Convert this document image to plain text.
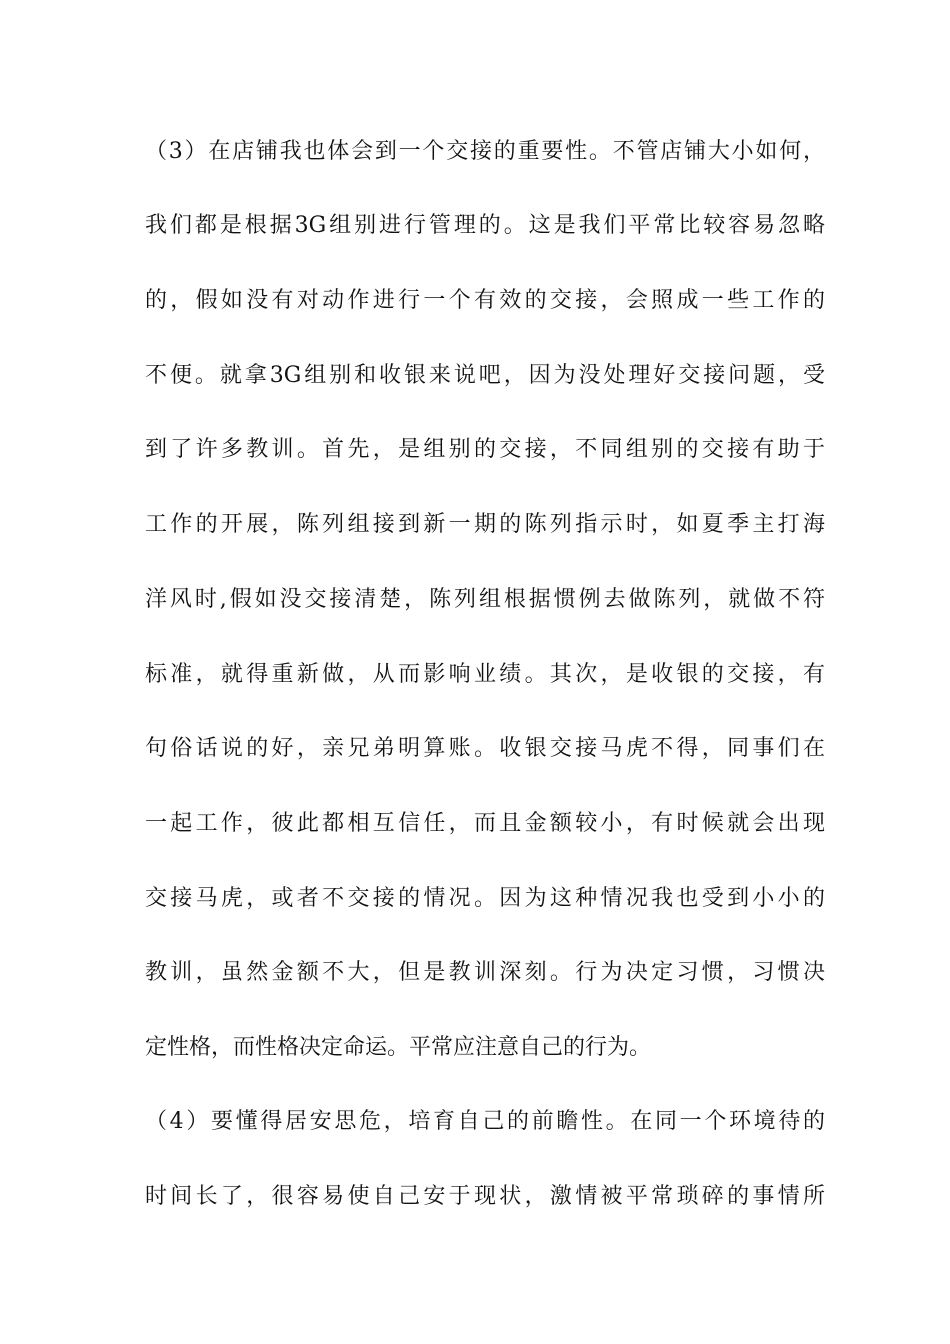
（3）在店铺我也体会到一个交接的重要性。不管店铺大小如何，
我们都是根据3G组别进行管理的。这是我们平常比较容易忽略
的，假如没有对动作进行一个有效的交接，会照成一些工作的
不便。就拿3G组别和收银来说吧，因为没处理好交接问题，受
到了许多教训。首先，是组别的交接，不同组别的交接有助于
工作的开展，陈列组接到新一期的陈列指示时，如夏季主打海
洋风时,假如没交接清楚，陈列组根据惯例去做陈列，就做不符
标准，就得重新做，从而影响业绩。其次，是收银的交接，有
句俗话说的好，亲兄弟明算账。收银交接马虎不得，同事们在
一起工作，彼此都相互信任，而且金额较小，有时候就会出现
交接马虎，或者不交接的情况。因为这种情况我也受到小小的
教训，虽然金额不大，但是教训深刻。行为决定习惯，习惯决
定性格，而性格决定命运。平常应注意自己的行为。
（4）要懂得居安思危，培育自己的前瞻性。在同一个环境待的
时间长了，很容易使自己安于现状，激情被平常琐碎的事情所
